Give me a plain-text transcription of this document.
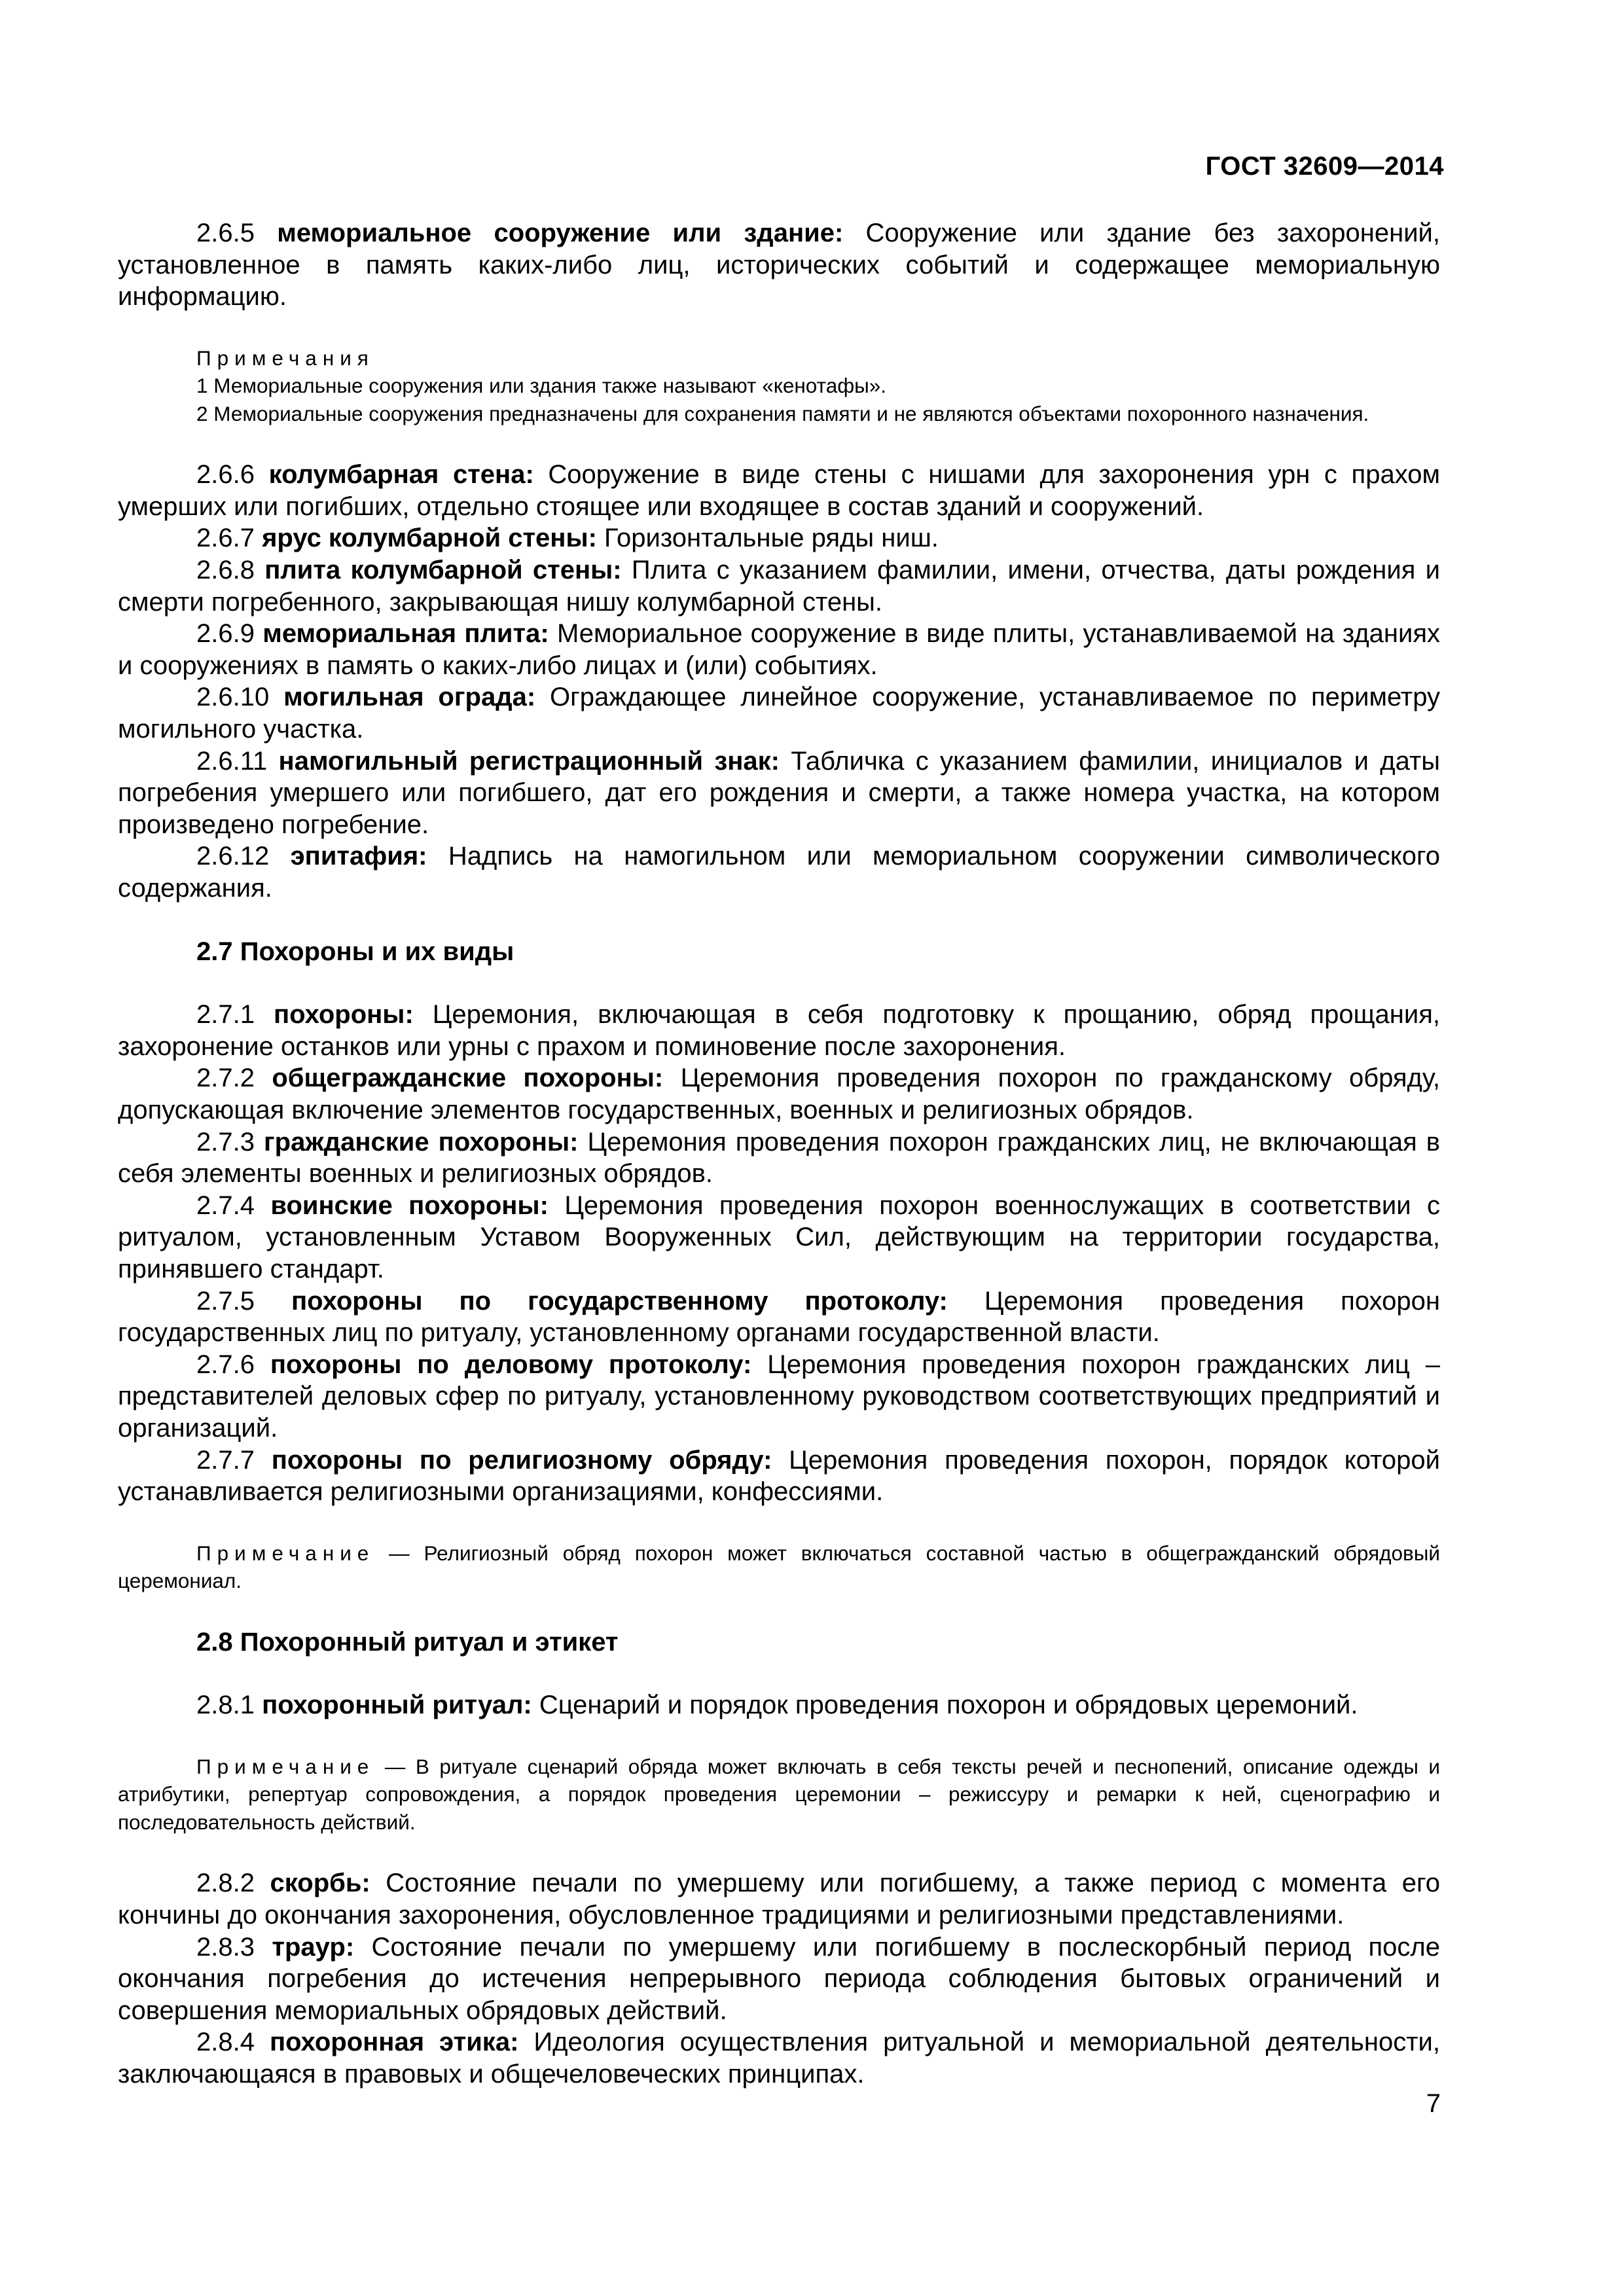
ГОСТ 32609—2014

2.6.5 мемориальное сооружение или здание: Сооружение или здание без захоронений, установленное в память каких-либо лиц, исторических событий и содержащее мемориальную информацию.

Примечания

1 Мемориальные сооружения или здания также называют «кенотафы».

2 Мемориальные сооружения предназначены для сохранения памяти и не являются объектами похоронного назначения.

2.6.6 колумбарная стена: Сооружение в виде стены с нишами для захоронения урн с прахом умерших или погибших, отдельно стоящее или входящее в состав зданий и сооружений.

2.6.7 ярус колумбарной стены: Горизонтальные ряды ниш.

2.6.8 плита колумбарной стены: Плита с указанием фамилии, имени, отчества, даты рождения и смерти погребенного, закрывающая нишу колумбарной стены.

2.6.9 мемориальная плита: Мемориальное сооружение в виде плиты, устанавливаемой на зданиях и сооружениях в память о каких-либо лицах и (или) событиях.

2.6.10 могильная ограда: Ограждающее линейное сооружение, устанавливаемое по периметру могильного участка.

2.6.11 намогильный регистрационный знак: Табличка с указанием фамилии, инициалов и даты погребения умершего или погибшего, дат его рождения и смерти, а также номера участка, на котором произведено погребение.

2.6.12 эпитафия: Надпись на намогильном или мемориальном сооружении символического содержания.

2.7 Похороны и их виды

2.7.1 похороны: Церемония, включающая в себя подготовку к прощанию, обряд прощания, захоронение останков или урны с прахом и поминовение после захоронения.

2.7.2 общегражданские похороны: Церемония проведения похорон по гражданскому обряду, допускающая включение элементов государственных, военных и религиозных обрядов.

2.7.3 гражданские похороны: Церемония проведения похорон гражданских лиц, не включающая в себя элементы военных и религиозных обрядов.

2.7.4 воинские похороны: Церемония проведения похорон военнослужащих в соответствии с ритуалом, установленным Уставом Вооруженных Сил, действующим на территории государства, принявшего стандарт.

2.7.5 похороны по государственному протоколу: Церемония проведения похорон государственных лиц по ритуалу, установленному органами государственной власти.

2.7.6 похороны по деловому протоколу: Церемония проведения похорон гражданских лиц – представителей деловых сфер по ритуалу, установленному руководством соответствующих предприятий и организаций.

2.7.7 похороны по религиозному обряду: Церемония проведения похорон, порядок которой устанавливается религиозными организациями, конфессиями.

Примечание — Религиозный обряд похорон может включаться составной частью в общегражданский обрядовый церемониал.

2.8 Похоронный ритуал и этикет

2.8.1 похоронный ритуал: Сценарий и порядок проведения похорон и обрядовых церемоний.

Примечание — В ритуале сценарий обряда может включать в себя тексты речей и песнопений, описание одежды и атрибутики, репертуар сопровождения, а порядок проведения церемонии – режиссуру и ремарки к ней, сценографию и последовательность действий.

2.8.2 скорбь: Состояние печали по умершему или погибшему, а также период с момента его кончины до окончания захоронения, обусловленное традициями и религиозными представлениями.

2.8.3 траур: Состояние печали по умершему или погибшему в послескорбный период после окончания погребения до истечения непрерывного периода соблюдения бытовых ограничений и совершения мемориальных обрядовых действий.

2.8.4 похоронная этика: Идеология осуществления ритуальной и мемориальной деятельности, заключающаяся в правовых и общечеловеческих принципах.

7
